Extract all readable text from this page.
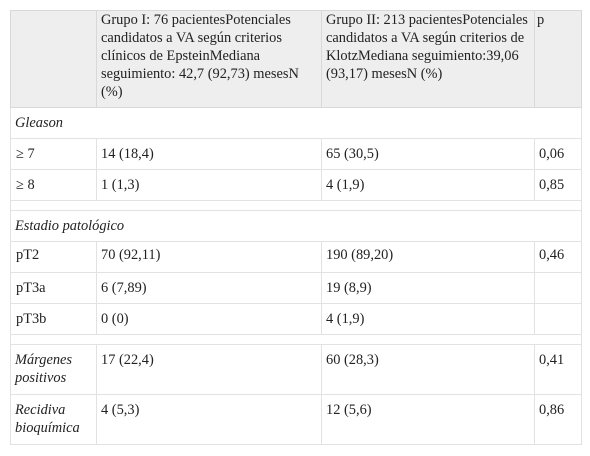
	Grupo I: 76 pacientesPotenciales candidatos a VA según criterios clínicos de EpsteinMediana seguimiento: 42,7 (92,73) mesesN (%)	Grupo II: 213 pacientesPotenciales candidatos a VA según criterios de KlotzMediana seguimiento:39,06 (93,17) mesesN (%)	p
Gleason			
≥ 7	14 (18,4)	65 (30,5)	0,06
≥ 8	1 (1,3)	4 (1,9)	0,85

Estadio patológico			
pT2	70 (92,11)	190 (89,20)	0,46
pT3a	6 (7,89)	19 (8,9)	
pT3b	0 (0)	4 (1,9)	

Márgenes positivos	17 (22,4)	60 (28,3)	0,41
Recidiva bioquímica	4 (5,3)	12 (5,6)	0,86
